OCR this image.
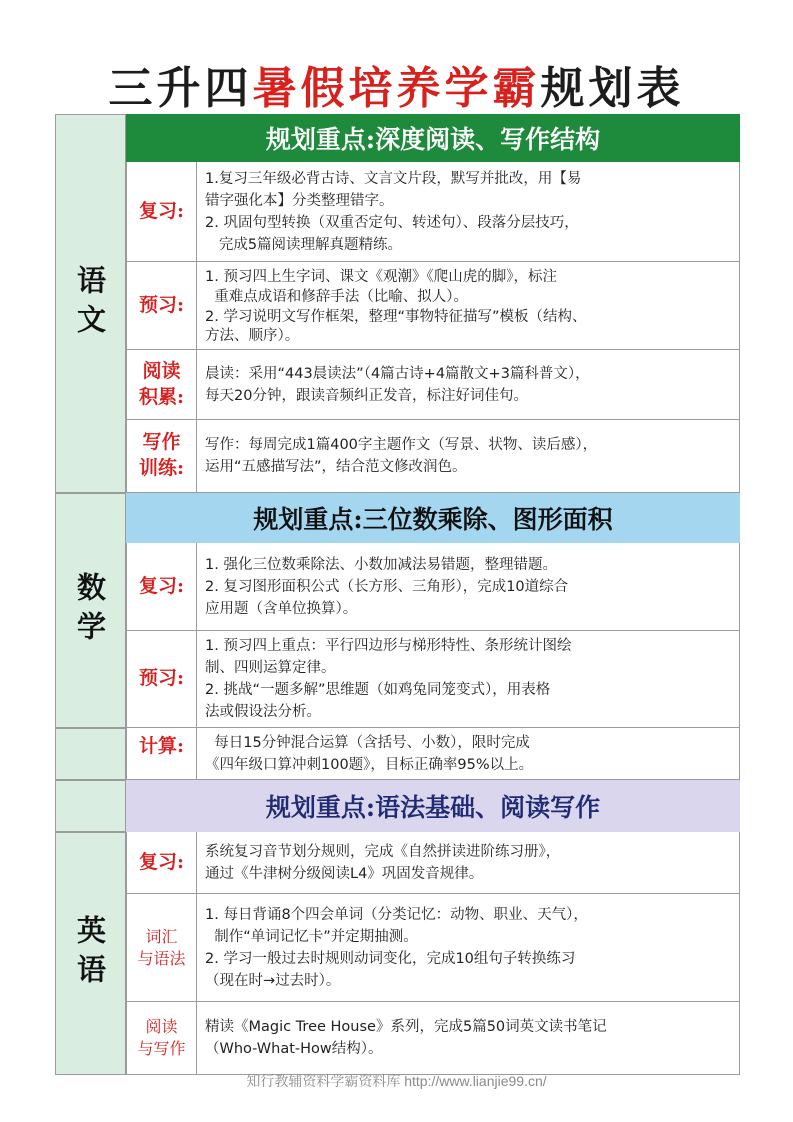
三升四暑假培养学霸规划表
语文
规划重点:深度阅读、写作结构
复习:
1.复习三年级必背古诗、文言文片段，默写并批改，用【易
错字强化本】分类整理错字。
2. 巩固句型转换（双重否定句、转述句）、段落分层技巧，
完成5篇阅读理解真题精练。
预习:
1. 预习四上生字词、课文《观潮》《爬山虎的脚》，标注
重难点成语和修辞手法（比喻、拟人）。
2. 学习说明文写作框架，整理“事物特征描写”模板（结构、
方法、顺序）。
阅读
积累:
晨读：采用“443晨读法”（4篇古诗+4篇散文+3篇科普文），
每天20分钟，跟读音频纠正发音，标注好词佳句。
写作
训练:
写作：每周完成1篇400字主题作文（写景、状物、读后感），
运用“五感描写法”，结合范文修改润色。
数学
规划重点:三位数乘除、图形面积
复习:
1. 强化三位数乘除法、小数加减法易错题，整理错题。
2. 复习图形面积公式（长方形、三角形），完成10道综合
应用题（含单位换算）。
预习:
1. 预习四上重点：平行四边形与梯形特性、条形统计图绘
制、四则运算定律。
2. 挑战“一题多解”思维题（如鸡兔同笼变式），用表格
法或假设法分析。
计算:	每日15分钟混合运算（含括号、小数），限时完成
《四年级口算冲刺100题》，目标正确率95%以上。
规划重点:语法基础、阅读写作
英语
复习:	系统复习音节划分规则，完成《自然拼读进阶练习册》，
通过《牛津树分级阅读L4》巩固发音规律。
词汇
与语法
1. 每日背诵8个四会单词（分类记忆：动物、职业、天气），
制作“单词记忆卡”并定期抽测。
2. 学习一般过去时规则动词变化，完成10组句子转换练习
（现在时→过去时）。
阅读
与写作
精读《Magic Tree House》系列，完成5篇50词英文读书笔记
（Who-What-How结构）。
知行教辅资料学霸资料库 http://www.lianjie99.cn/
